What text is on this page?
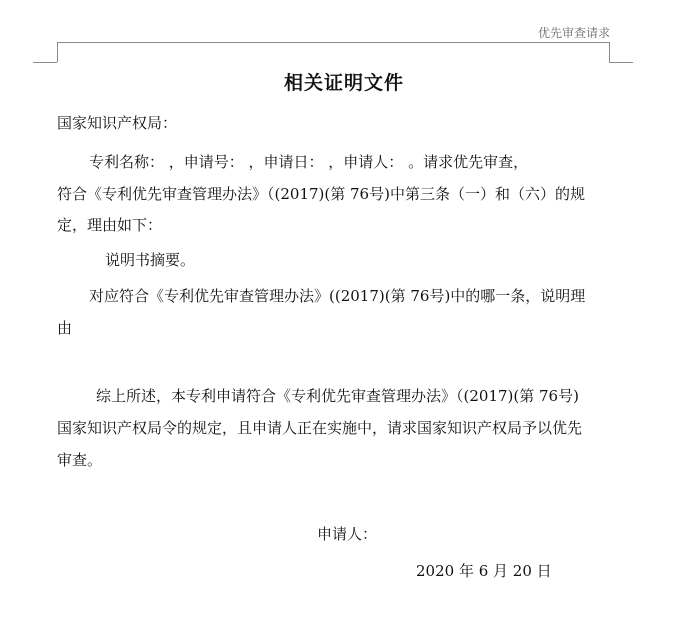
优先审查请求
相关证明文件
国家知识产权局：
专利名称： ，申请号： ，申请日： ，申请人： 。请求优先审查，
符合《专利优先审查管理办法》（(2017)(第 76号)中第三条（一）和（六）的规
定，理由如下：
说明书摘要。
对应符合《专利优先审查管理办法》((2017)(第 76号)中的哪一条，说明理
由
综上所述，本专利申请符合《专利优先审查管理办法》（(2017)(第 76号)
国家知识产权局令的规定，且申请人正在实施中，请求国家知识产权局予以优先
审查。
申请人：
2020 年 6 月 20 日
